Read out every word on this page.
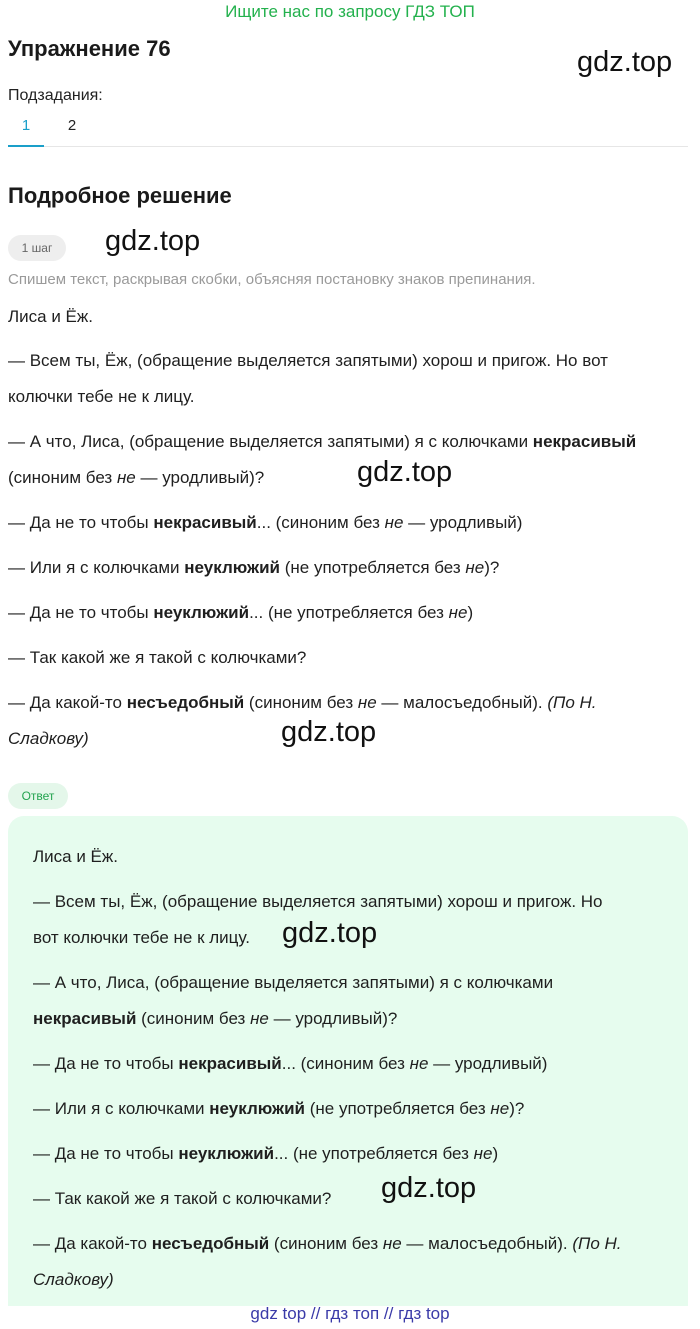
Ищите нас по запросу ГДЗ ТОП
Упражнение 76	gdz.top
Подзадания:
1	2
Подробное решение
1 шаг	gdz.top
Спишем текст, раскрывая скобки, объясняя постановку знаков препинания.
Лиса и Ёж.
— Всем ты, Ёж, (обращение выделяется запятыми) хорош и пригож. Но вот
колючки тебе не к лицу.
— А что, Лиса, (обращение выделяется запятыми) я с колючками некрасивый
(синоним без не — уродливый)?	gdz.top
— Да не то чтобы некрасивый... (синоним без не — уродливый)
— Или я с колючками неуклюжий (не употребляется без не)?
— Да не то чтобы неуклюжий... (не употребляется без не)
— Так какой же я такой с колючками?
— Да какой-то несъедобный (синоним без не — малосъедобный). (По Н.
Сладкову)	gdz.top
Ответ
Лиса и Ёж.
— Всем ты, Ёж, (обращение выделяется запятыми) хорош и пригож. Но
вот колючки тебе не к лицу. gdz.top
— А что, Лиса, (обращение выделяется запятыми) я с колючками
некрасивый (синоним без не — уродливый)?
— Да не то чтобы некрасивый... (синоним без не — уродливый)
— Или я с колючками неуклюжий (не употребляется без не)?
— Да не то чтобы неуклюжий... (не употребляется без не)
— Так какой же я такой с колючками? gdz.top
— Да какой-то несъедобный (синоним без не — малосъедобный). (По Н.
Сладкову)
gdz top // гдз топ // гдз top
